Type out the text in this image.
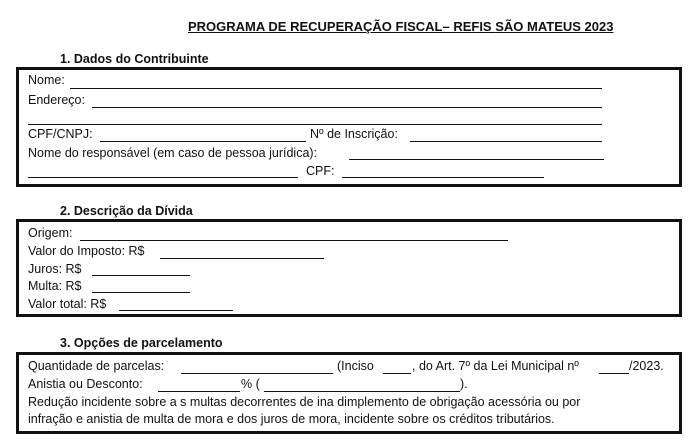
PROGRAMA DE RECUPERAÇÃO FISCAL– REFIS SÃO MATEUS 2023
1. Dados do Contribuinte
Nome:
Endereço:
CPF/CNPJ:	Nº de Inscrição:
Nome do responsável (em caso de pessoa jurídica):
CPF:
2. Descrição da Dívida
Origem:
Valor do Imposto: R$
Juros: R$
Multa: R$
Valor total: R$
3. Opções de parcelamento
Quantidade de parcelas:	(Inciso	, do Art. 7º da Lei Municipal nº	/2023.
Anistia ou Desconto:	% (	).
Redução incidente sobre a s multas decorrentes de ina dimplemento de obrigação acessória ou por
infração e anistia de multa de mora e dos juros de mora, incidente sobre os créditos tributários.
